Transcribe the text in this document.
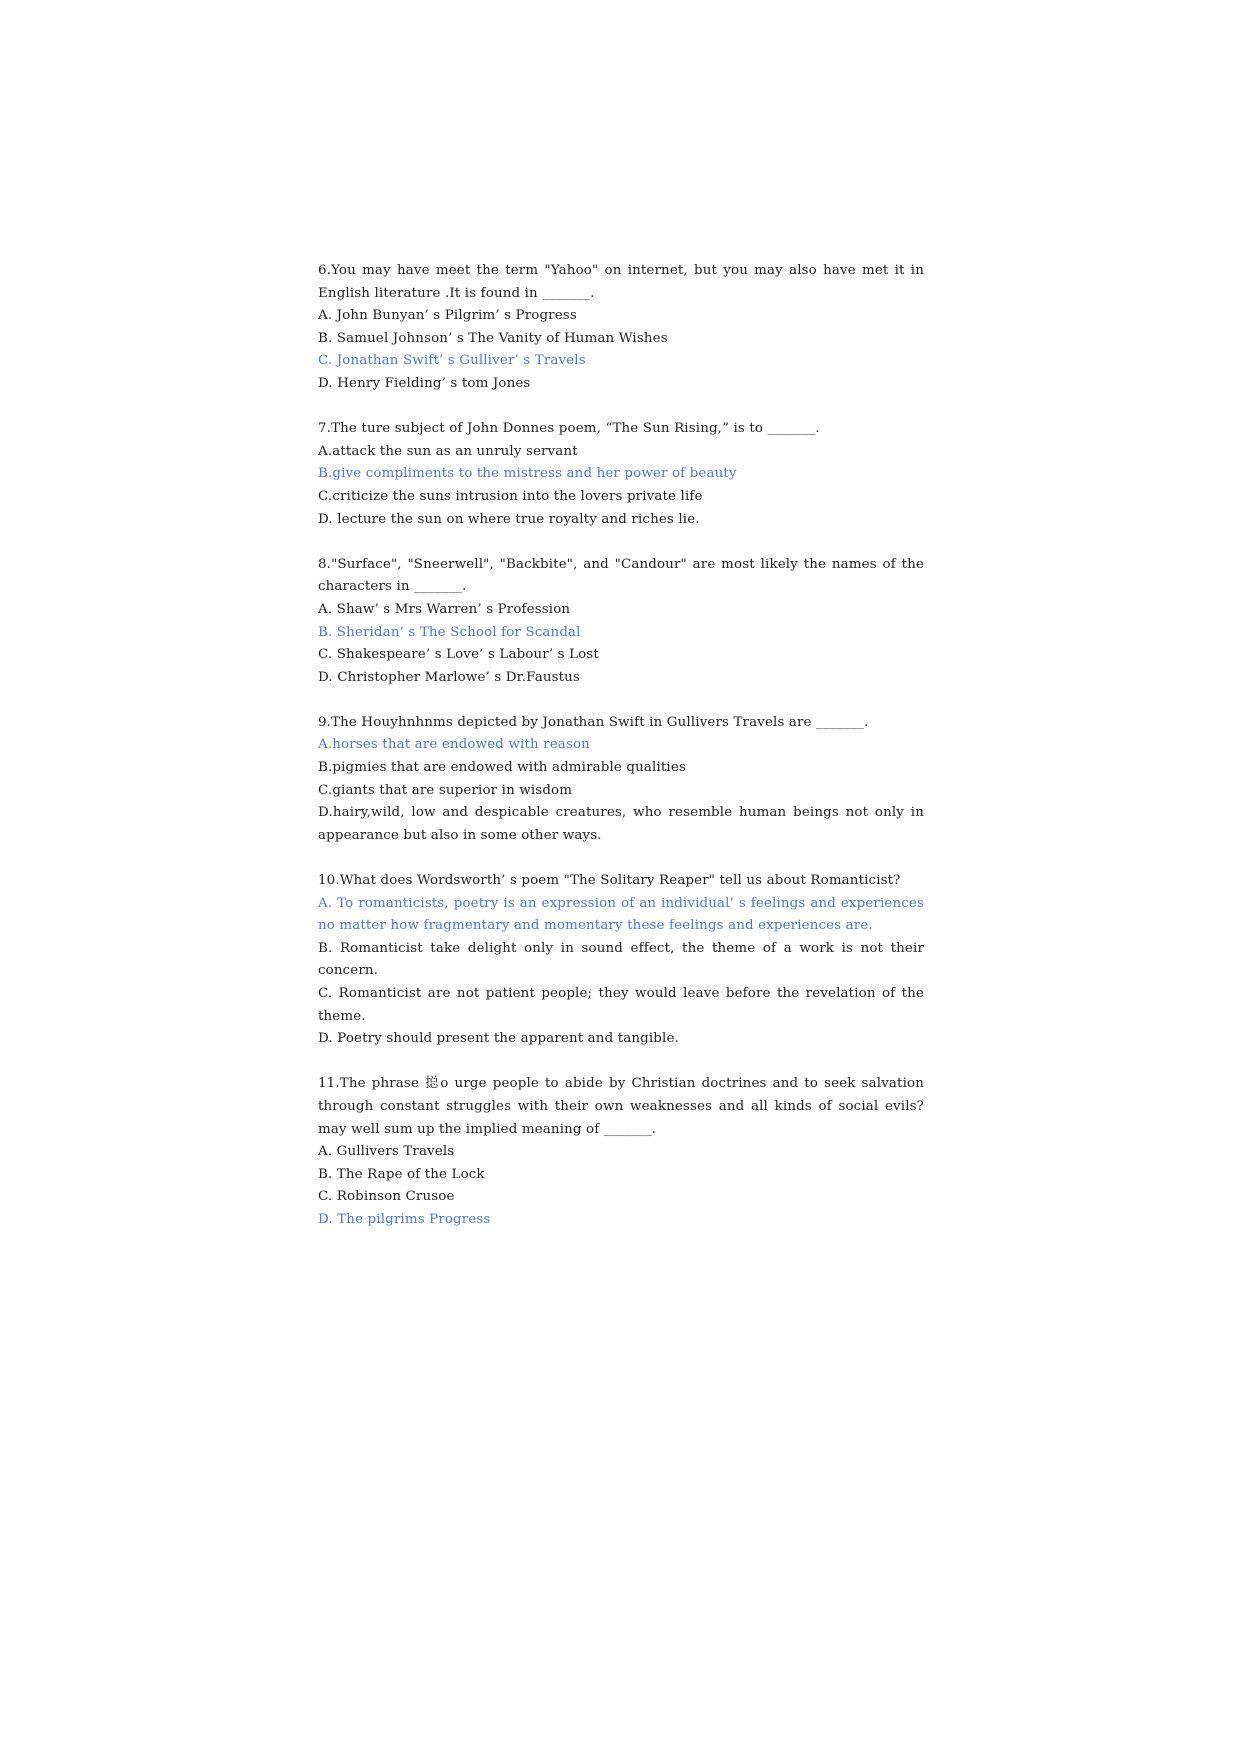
6.You may have meet the term "Yahoo" on internet, but you may also have met it in English literature .It is found in _______.
A. John Bunyan’ s Pilgrim’ s Progress
B. Samuel Johnson’ s The Vanity of Human Wishes
C. Jonathan Swift’ s Gulliver’ s Travels
D. Henry Fielding’ s tom Jones
7.The ture subject of John Donnes poem, “The Sun Rising,” is to _______.
A.attack the sun as an unruly servant
B.give compliments to the mistress and her power of beauty
C.criticize the suns intrusion into the lovers private life
D. lecture the sun on where true royalty and riches lie.
8."Surface", "Sneerwell", "Backbite", and "Candour" are most likely the names of the characters in _______.
A. Shaw’ s Mrs Warren’ s Profession
B. Sheridan’ s The School for Scandal
C. Shakespeare’ s Love’ s Labour’ s Lost
D. Christopher Marlowe’ s Dr.Faustus
9.The Houyhnhnms depicted by Jonathan Swift in Gullivers Travels are _______.
A.horses that are endowed with reason
B.pigmies that are endowed with admirable qualities
C.giants that are superior in wisdom
D.hairy,wild, low and despicable creatures, who resemble human beings not only in appearance but also in some other ways.
10.What does Wordsworth’ s poem "The Solitary Reaper" tell us about Romanticist?
A. To romanticists, poetry is an expression of an individual’ s feelings and experiences no matter how fragmentary and momentary these feelings and experiences are.
B. Romanticist take delight only in sound effect, the theme of a work is not their concern.
C. Romanticist are not patient people; they would leave before the revelation of the theme.
D. Poetry should present the apparent and tangible.
11.The phrase 搃o urge people to abide by Christian doctrines and to seek salvation through constant struggles with their own weaknesses and all kinds of social evils?may well sum up the implied meaning of _______.
A. Gullivers Travels
B. The Rape of the Lock
C. Robinson Crusoe
D. The pilgrims Progress
